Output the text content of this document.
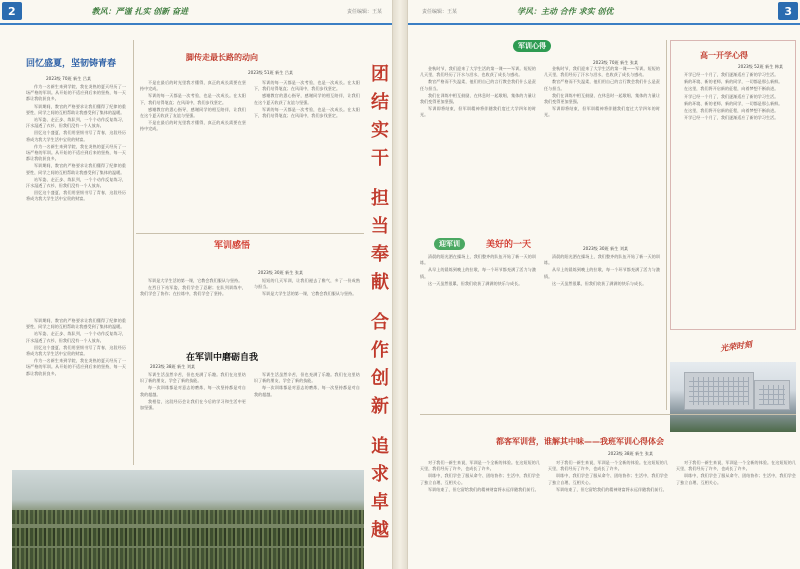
2	教风：严谨 扎实 创新 奋进	责任编辑：王某
回忆盛夏，坚韧铸青春
2023级 70班 新生 吕某

作为一名新生来到学院，我在炎热的夏天经历了一场严格的军训。从开始的不适应到后来的坚持，每一天都让我收获良多。

军训期间，教官的严格要求让我们懂得了纪律的重要性，同学之间的互相帮助让我感受到了集体的温暖。

站军姿、走正步、练队列，一个个动作反复练习，汗水湿透了衣衫，但我们没有一个人放弃。

回忆这个盛夏，我们用坚韧书写了青春，这段经历将成为我大学生活中宝贵的财富。

作为一名新生来到学院，我在炎热的夏天经历了一场严格的军训。从开始的不适应到后来的坚持，每一天都让我收获良多。

军训期间，教官的严格要求让我们懂得了纪律的重要性，同学之间的互相帮助让我感受到了集体的温暖。

站军姿、走正步、练队列，一个个动作反复练习，汗水湿透了衣衫，但我们没有一个人放弃。

回忆这个盛夏，我们用坚韧书写了青春，这段经历将成为我大学生活中宝贵的财富。

军训期间，教官的严格要求让我们懂得了纪律的重要性，同学之间的互相帮助让我感受到了集体的温暖。

站军姿、走正步、练队列，一个个动作反复练习，汗水湿透了衣衫，但我们没有一个人放弃。

回忆这个盛夏，我们用坚韧书写了青春，这段经历将成为我大学生活中宝贵的财富。

作为一名新生来到学院，我在炎热的夏天经历了一场严格的军训。从开始的不适应到后来的坚持，每一天都让我收获良多。

脚传走最长路的动向
2023级 51班 新生 吕某

不是在最后的时光里我才懂得，真正的成长需要在坚持中完成。

军训的每一天都是一次考验，也是一次成长。在太阳下，我们站得笔直；在风雨中，我们步伐坚定。

感谢教官的悉心指导，感谢同学的相互陪伴，让我们在这个夏天收获了友谊与坚强。

不是在最后的时光里我才懂得，真正的成长需要在坚持中完成。

军训的每一天都是一次考验，也是一次成长。在太阳下，我们站得笔直；在风雨中，我们步伐坚定。

感谢教官的悉心指导，感谢同学的相互陪伴，让我们在这个夏天收获了友谊与坚强。

军训的每一天都是一次考验，也是一次成长。在太阳下，我们站得笔直；在风雨中，我们步伐坚定。

军训感悟
2023级 30班 新生 张某

军训是大学生活的第一课，它教会我们服从与坚持。

在烈日下站军姿，我们学会了忍耐；在队列训练中，我们学会了协作；在拉练中，我们学会了坚持。

短短的几天军训，让我们褪去了稚气，多了一份成熟与担当。

军训是大学生活的第一课，它教会我们服从与坚持。

在军训中磨砺自我
2023级 38班 新生 刘某

军训生活虽然辛苦，但也充满了乐趣。我们在这里结识了新的朋友，学会了新的技能。

每一次训练都是对意志的磨炼，每一次坚持都是对自我的超越。

我相信，这段经历会让我们在今后的学习和生活中更加坚强。

军训生活虽然辛苦，但也充满了乐趣。我们在这里结识了新的朋友，学会了新的技能。

每一次训练都是对意志的磨炼，每一次坚持都是对自我的超越。

团
结
实
干
担
当
奉
献
合
作
创
新
追
求
卓
越
责任编辑：王某	学风：主动 合作 求实 创优	3
军训心得
2023级 70班 新生 张某

金秋时节，我们迎来了大学生活的第一课——军训。短短的几天里，我们经历了汗水与泪水，也收获了成长与感动。

教官严格而不失温柔，他们用自己的言行教会我们什么是责任与担当。

我们在训练中相互鼓励，在休息时一起歌唱，集体的力量让我们变得更加坚强。

军训即将结束，但军训精神将伴随我们度过大学四年的时光。

金秋时节，我们迎来了大学生活的第一课——军训。短短的几天里，我们经历了汗水与泪水，也收获了成长与感动。

教官严格而不失温柔，他们用自己的言行教会我们什么是责任与担当。

我们在训练中相互鼓励，在休息时一起歌唱，集体的力量让我们变得更加坚强。

军训即将结束，但军训精神将伴随我们度过大学四年的时光。

迎军训	美好的一天	2023级 30班 新生 刘某

清晨的阳光洒在操场上，我们整齐的队伍开始了新一天的训练。

从早上的晨练到晚上的拉歌，每一个环节都充满了活力与激情。

这一天虽然很累，但我们收获了满满的快乐与成长。

清晨的阳光洒在操场上，我们整齐的队伍开始了新一天的训练。

从早上的晨练到晚上的拉歌，每一个环节都充满了活力与激情。

这一天虽然很累，但我们收获了满满的快乐与成长。

高一开学心得
2023级 52班 新生 韩某

开学已经一个月了，我们逐渐适应了新的学习生活。

新的环境、新的老师、新的同学，一切都是那么新鲜。

在这里，我们将开启新的征程，向着梦想不断前进。

开学已经一个月了，我们逐渐适应了新的学习生活。

新的环境、新的老师、新的同学，一切都是那么新鲜。

在这里，我们将开启新的征程，向着梦想不断前进。

开学已经一个月了，我们逐渐适应了新的学习生活。

光荣时刻
都客军训营，谁解其中味——我班军训心得体会
2023级 38班 新生 张某

对于我们一新生来说，军训是一个全新的体验。在这短短的几天里，我们经历了许多，也成长了许多。

训练中，我们学会了服从命令、团结协作；生活中，我们学会了独立自理、互相关心。

军训结束了，但它留给我们的精神财富将永远伴随我们前行。

对于我们一新生来说，军训是一个全新的体验。在这短短的几天里，我们经历了许多，也成长了许多。

训练中，我们学会了服从命令、团结协作；生活中，我们学会了独立自理、互相关心。

军训结束了，但它留给我们的精神财富将永远伴随我们前行。

对于我们一新生来说，军训是一个全新的体验。在这短短的几天里，我们经历了许多，也成长了许多。

训练中，我们学会了服从命令、团结协作；生活中，我们学会了独立自理、互相关心。
